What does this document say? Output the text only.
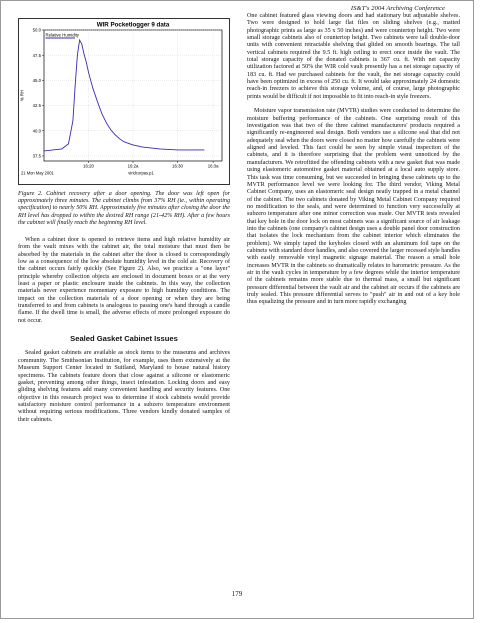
IS&T's 2004 Archiving Conference
WIR Pocketlogger 9 data
Relative Humidity
50.0
47.5
45.0
42.5
40.0
37.5
% RH
16:20	16:2a	16:30	16:3a
21 Mon May 2001	viridcorpas.p1
Figure 2. Cabinet recovery after a door opening. The door was left open for approximately three minutes. The cabinet climbs from 37% RH (ie., within operating specification) to nearly 50% RH. Approximately five minutes after closing the door the RH level has dropped to within the desired RH range (21-42% RH). After a few hours the cabinet will finally reach the beginning RH level.

When a cabinet door is opened to retrieve items and high relative humidity air from the vault mixes with the cabinet air, the total moisture that must then be absorbed by the materials in the cabinet after the door is closed is correspondingly low as a consequence of the low absolute humidity level in the cold air. Recovery of the cabinet occurs fairly quickly (See Figure 2). Also, we practice a "one layer" principle whereby collection objects are enclosed in document boxes or at the very least a paper or plastic enclosure inside the cabinets. In this way, the collection materials never experience momentary exposure to high humidity conditions. The impact on the collection materials of a door opening or when they are being transferred to and from cabinets is analogous to passing one's hand through a candle flame. If the dwell time is small, the adverse effects of more prolonged exposure do not occur.

Sealed Gasket Cabinet Issues

Sealed gasket cabinets are available as stock items to the museums and archives community. The Smithsonian Institution, for example, uses them extensively at the Museum Support Center located in Suitland, Maryland to house natural history specimens. The cabinets feature doors that close against a silicone or elastomeric gasket, preventing among other things, insect infestation. Locking doors and easy gliding shelving features add many convenient handling and security features. One objective in this research project was to determine if stock cabinets would provide satisfactory moisture control performance in a subzero temperature environment without requiring serious modifications. Three vendors kindly donated samples of their cabinets.

One cabinet featured glass viewing doors and had stationary but adjustable shelves. Two were designed to hold large flat files on sliding shelves (e.g., matted photographic prints as large as 35 x 50 inches) and were countertop height. Two were small storage cabinets also of countertop height. Two cabinets were tall double-door units with convenient retractable shelving that glided on smooth bearings. The tall vertical cabinets required the 9.5 ft. high ceiling to erect once inside the vault. The total storage capacity of the donated cabinets is 367 cu. ft. With net capacity utilization factored at 50% the WIR cold vault presently has a net storage capacity of 183 cu. ft. Had we purchased cabinets for the vault, the net storage capacity could have been optimized in excess of 250 cu. ft. It would take approximately 24 domestic reach-in freezers to achieve this storage volume, and, of course, large photographic prints would be difficult if not impossible to fit into reach-in style freezers.

Moisture vapor transmission rate (MVTR) studies were conducted to determine the moisture buffering performance of the cabinets. One surprising result of this investigation was that two of the three cabinet manufacturers' products required a significantly re-engineered seal design. Both vendors use a silicone seal that did not adequately seal when the doors were closed no matter how carefully the cabinets were aligned and leveled. This fact could be seen by simple visual inspection of the cabinets, and it is therefore surprising that the problem went unnoticed by the manufacturers. We retrofitted the offending cabinets with a new gasket that was made using elastomeric automotive gasket material obtained at a local auto supply store. This task was time consuming, but we succeeded in bringing these cabinets up to the MVTR performance level we were looking for. The third vendor, Viking Metal Cabinet Company, uses an elastomeric seal design neatly trapped in a metal channel of the cabinet. The two cabinets donated by Viking Metal Cabinet Company required no modification to the seals, and were determined to function very successfully at subzero temperature after one minor correction was made. Our MVTR tests revealed that key hole in the door lock on most cabinets was a significant source of air leakage into the cabinets (one company's cabinet design uses a double panel door construction that isolates the lock mechanism from the cabinet interior which eliminates the problem). We simply taped the keyholes closed with an aluminum foil tape on the cabinets with standard door handles, and also covered the larger recessed style handles with easily removable vinyl magnetic signage material. The reason a small hole increases MVTR in the cabinets so dramatically relates to barometric pressure. As the air in the vault cycles in temperature by a few degrees while the interior temperature of the cabinets remains more stable due to thermal mass, a small but significant pressure differential between the vault air and the cabinet air occurs if the cabinets are truly sealed. This pressure differential serves to "push" air in and out of a key hole thus equalizing the pressure and in turn more rapidly exchanging

179
